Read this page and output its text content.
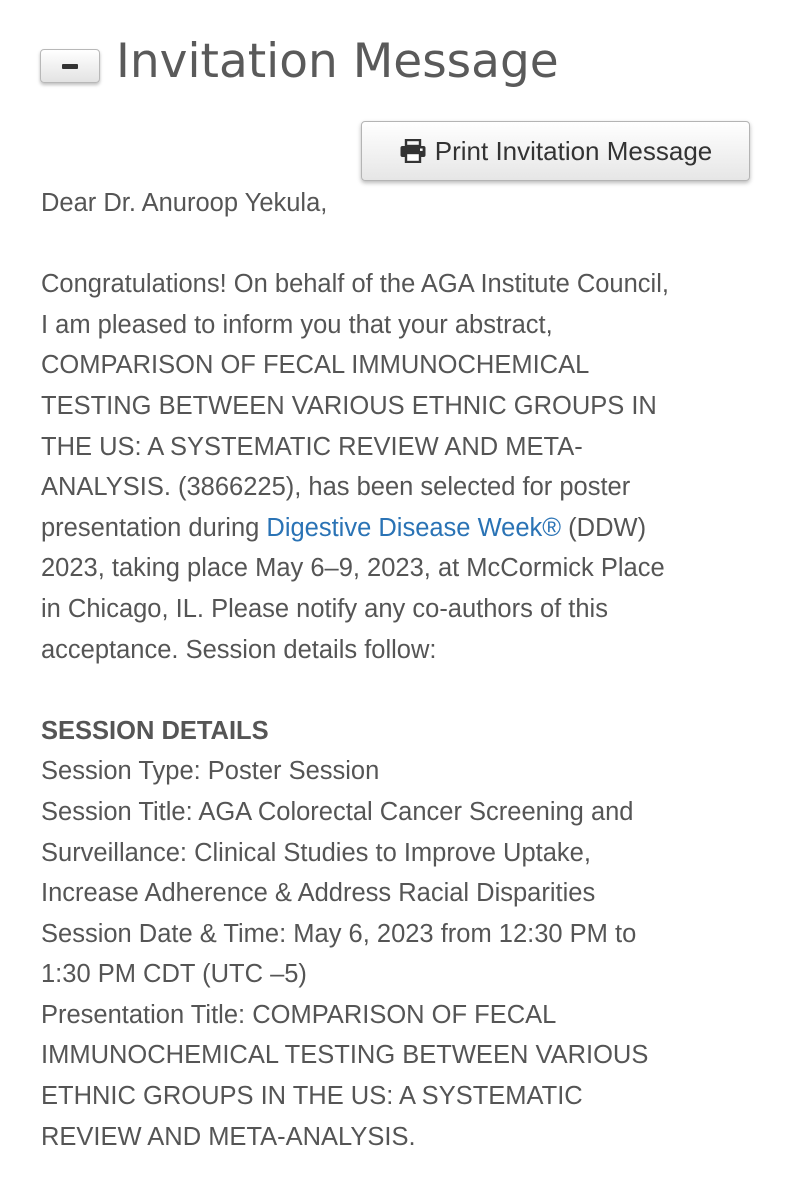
Invitation Message
Print Invitation Message
Dear Dr. Anuroop Yekula,
Congratulations! On behalf of the AGA Institute Council,
I am pleased to inform you that your abstract,
COMPARISON OF FECAL IMMUNOCHEMICAL
TESTING BETWEEN VARIOUS ETHNIC GROUPS IN
THE US: A SYSTEMATIC REVIEW AND META-
ANALYSIS. (3866225), has been selected for poster
presentation during Digestive Disease Week® (DDW)
2023, taking place May 6–9, 2023, at McCormick Place
in Chicago, IL. Please notify any co-authors of this
acceptance. Session details follow:
SESSION DETAILS
Session Type: Poster Session
Session Title: AGA Colorectal Cancer Screening and
Surveillance: Clinical Studies to Improve Uptake,
Increase Adherence & Address Racial Disparities
Session Date & Time: May 6, 2023 from 12:30 PM to
1:30 PM CDT (UTC –5)
Presentation Title: COMPARISON OF FECAL
IMMUNOCHEMICAL TESTING BETWEEN VARIOUS
ETHNIC GROUPS IN THE US: A SYSTEMATIC
REVIEW AND META-ANALYSIS.
